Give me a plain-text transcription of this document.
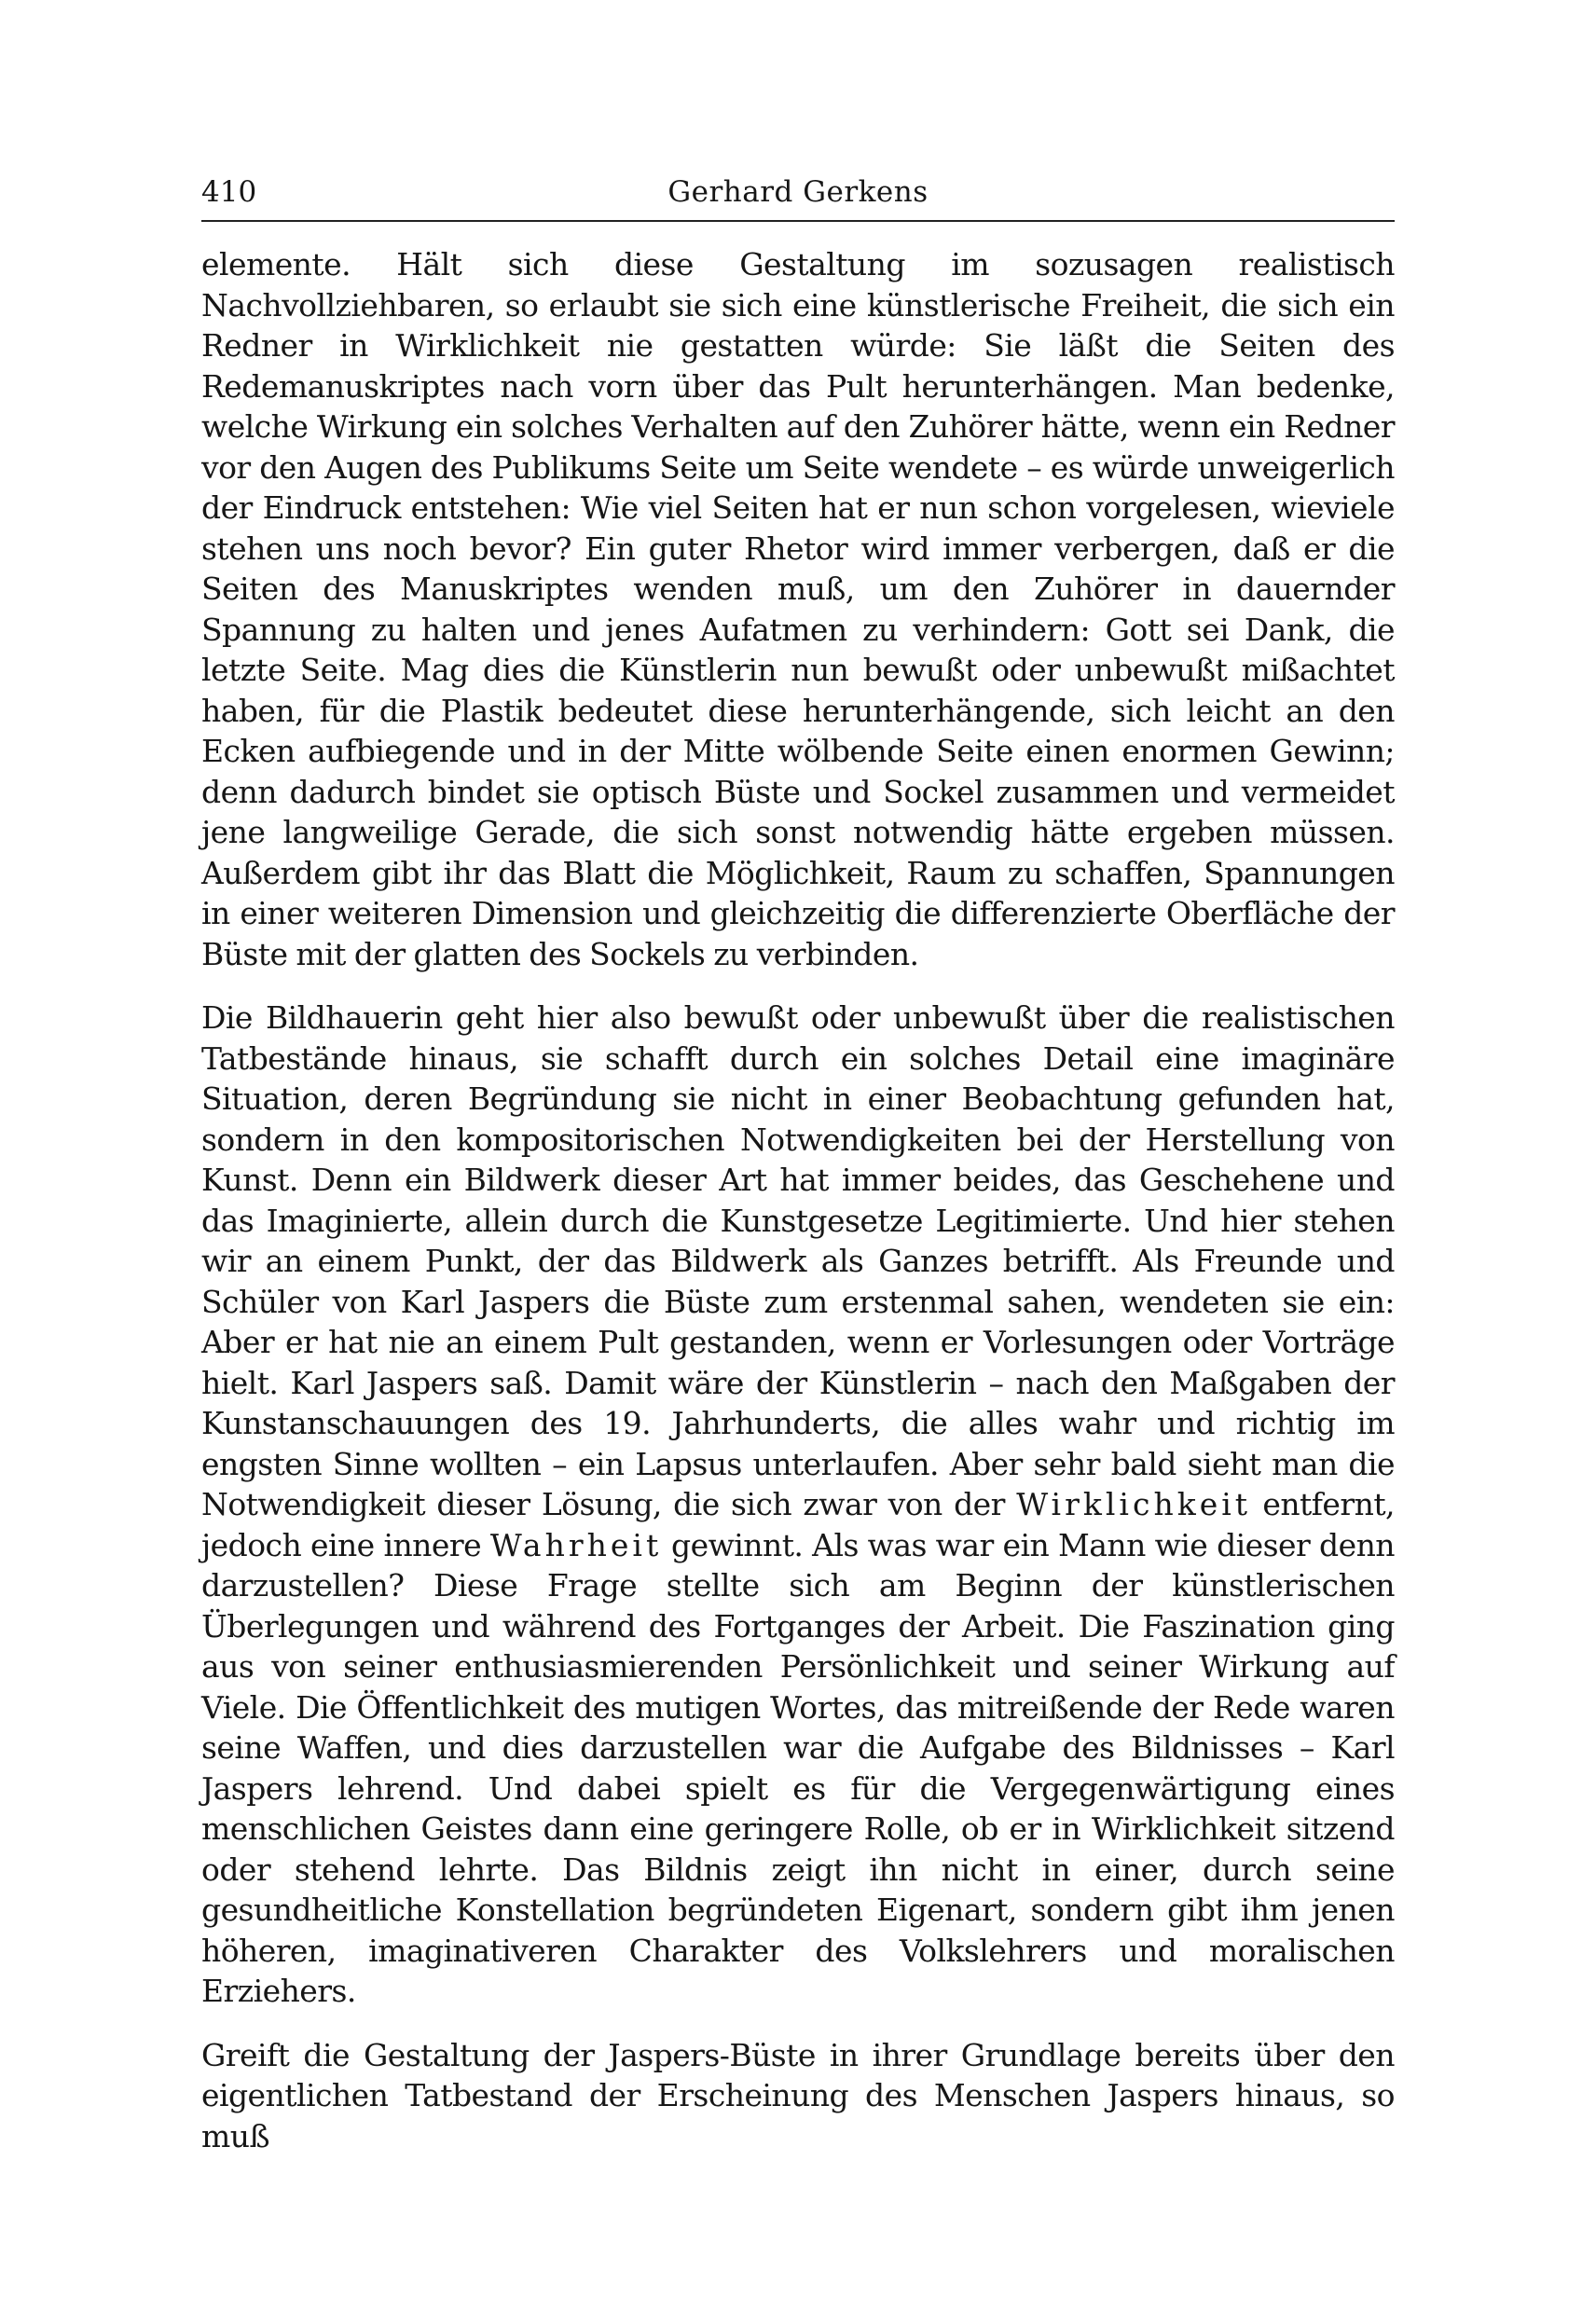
410	Gerhard Gerkens

elemente. Hält sich diese Gestaltung im sozusagen realistisch Nachvollziehbaren, so erlaubt sie sich eine künstlerische Freiheit, die sich ein Redner in Wirklichkeit nie gestatten würde: Sie läßt die Seiten des Redemanuskriptes nach vorn über das Pult herunterhängen. Man bedenke, welche Wirkung ein solches Verhalten auf den Zuhörer hätte, wenn ein Redner vor den Augen des Publikums Seite um Seite wendete – es würde unweigerlich der Eindruck entstehen: Wie viel Seiten hat er nun schon vorgelesen, wieviele stehen uns noch bevor? Ein guter Rhetor wird immer verbergen, daß er die Seiten des Manuskriptes wenden muß, um den Zuhörer in dauernder Spannung zu halten und jenes Aufatmen zu verhindern: Gott sei Dank, die letzte Seite. Mag dies die Künstlerin nun bewußt oder unbewußt mißachtet haben, für die Plastik bedeutet diese herunterhängende, sich leicht an den Ecken aufbiegende und in der Mitte wölbende Seite einen enormen Gewinn; denn dadurch bindet sie optisch Büste und Sockel zusammen und vermeidet jene langweilige Gerade, die sich sonst notwendig hätte ergeben müssen. Außerdem gibt ihr das Blatt die Möglichkeit, Raum zu schaffen, Spannungen in einer weiteren Dimension und gleichzeitig die differenzierte Oberfläche der Büste mit der glatten des Sockels zu verbinden.

Die Bildhauerin geht hier also bewußt oder unbewußt über die realistischen Tatbestände hinaus, sie schafft durch ein solches Detail eine imaginäre Situation, deren Begründung sie nicht in einer Beobachtung gefunden hat, sondern in den kompositorischen Notwendigkeiten bei der Herstellung von Kunst. Denn ein Bildwerk dieser Art hat immer beides, das Geschehene und das Imaginierte, allein durch die Kunstgesetze Legitimierte. Und hier stehen wir an einem Punkt, der das Bildwerk als Ganzes betrifft. Als Freunde und Schüler von Karl Jaspers die Büste zum erstenmal sahen, wendeten sie ein: Aber er hat nie an einem Pult gestanden, wenn er Vorlesungen oder Vorträge hielt. Karl Jaspers saß. Damit wäre der Künstlerin – nach den Maßgaben der Kunstanschauungen des 19. Jahrhunderts, die alles wahr und richtig im engsten Sinne wollten – ein Lapsus unterlaufen. Aber sehr bald sieht man die Notwendigkeit dieser Lösung, die sich zwar von der Wirklichkeit entfernt, jedoch eine innere Wahrheit gewinnt. Als was war ein Mann wie dieser denn darzustellen? Diese Frage stellte sich am Beginn der künstlerischen Überlegungen und während des Fortganges der Arbeit. Die Faszination ging aus von seiner enthusiasmierenden Persönlichkeit und seiner Wirkung auf Viele. Die Öffentlichkeit des mutigen Wortes, das mitreißende der Rede waren seine Waffen, und dies darzustellen war die Aufgabe des Bildnisses – Karl Jaspers lehrend. Und dabei spielt es für die Vergegenwärtigung eines menschlichen Geistes dann eine geringere Rolle, ob er in Wirklichkeit sitzend oder stehend lehrte. Das Bildnis zeigt ihn nicht in einer, durch seine gesundheitliche Konstellation begründeten Eigenart, sondern gibt ihm jenen höheren, imaginativeren Charakter des Volkslehrers und moralischen Erziehers.

Greift die Gestaltung der Jaspers-Büste in ihrer Grundlage bereits über den eigentlichen Tatbestand der Erscheinung des Menschen Jaspers hinaus, so muß
